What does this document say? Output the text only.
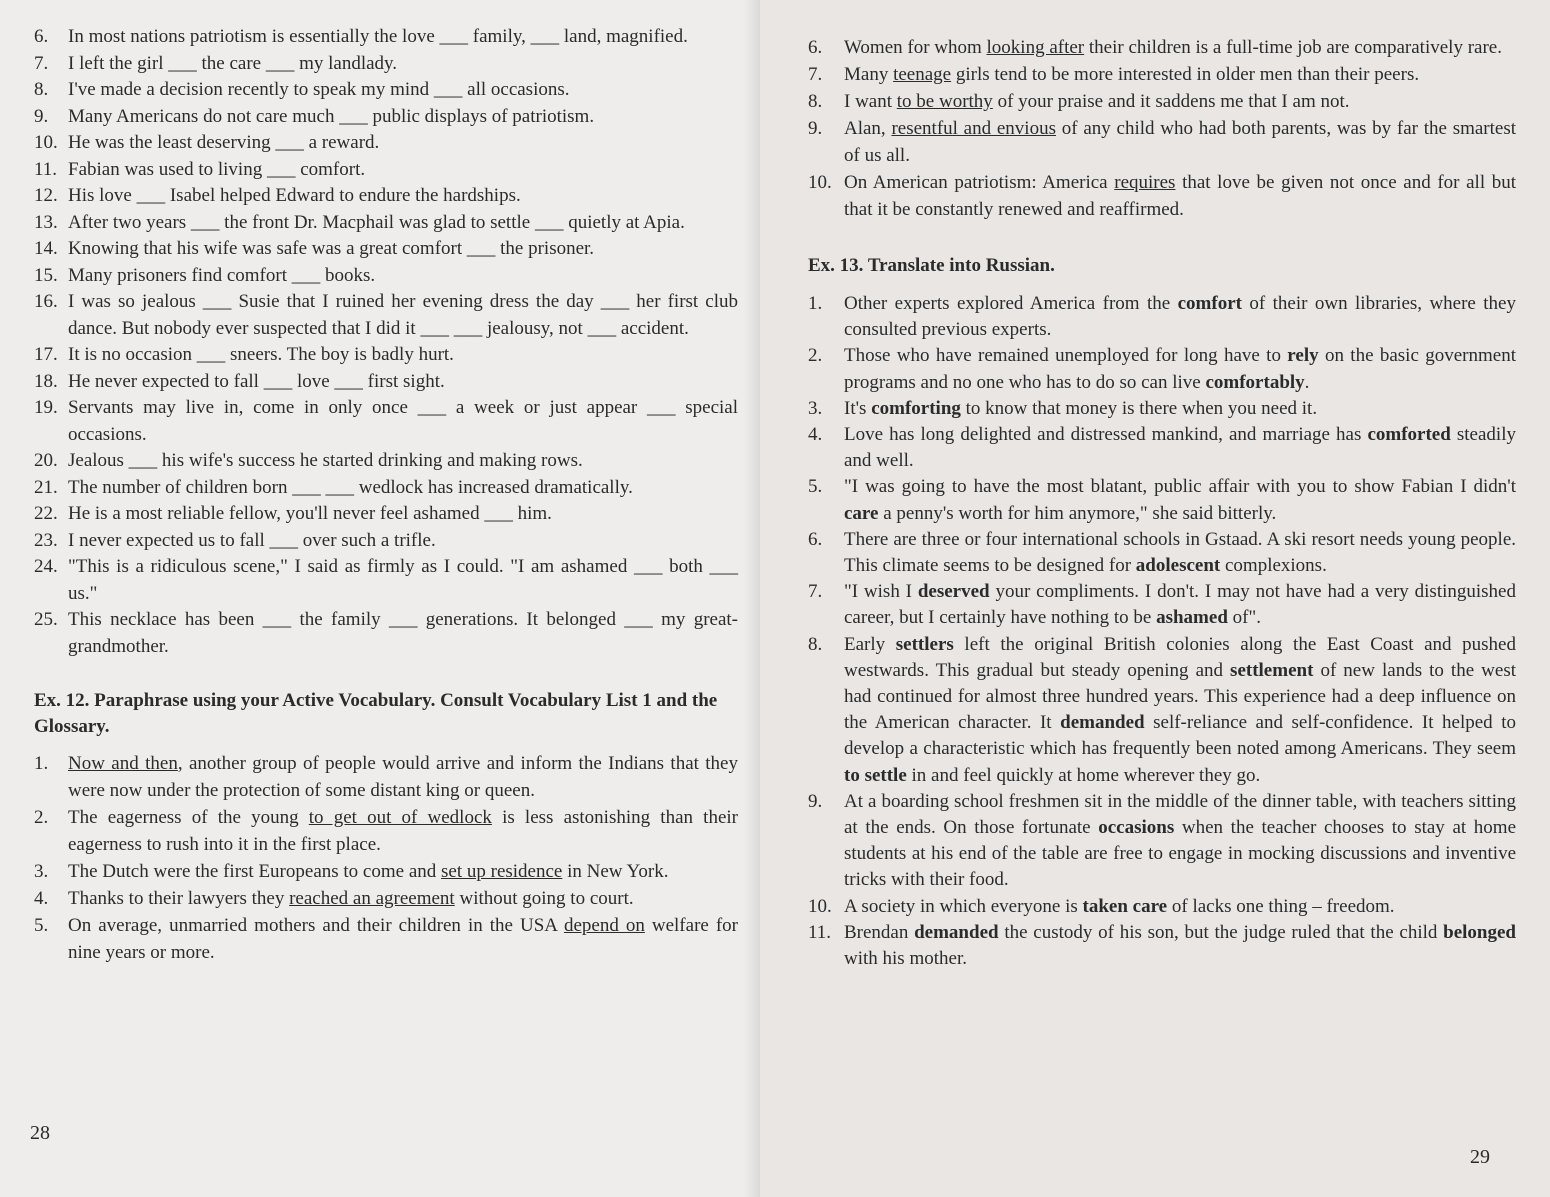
6.	In most nations patriotism is essentially the love ___ family, ___ land, magnified.
7.	I left the girl ___ the care ___ my landlady.
8.	I've made a decision recently to speak my mind ___ all occasions.
9.	Many Americans do not care much ___ public displays of patriotism.
10. He was the least deserving ___ a reward.
11. Fabian was used to living ___ comfort.
12. His love ___ Isabel helped Edward to endure the hardships.
13. After two years ___ the front Dr. Macphail was glad to settle ___ quietly at Apia.
14. Knowing that his wife was safe was a great comfort ___ the prisoner.
15. Many prisoners find comfort ___ books.
16. I was so jealous ___ Susie that I ruined her evening dress the day ___ her first club dance. But nobody ever suspected that I did it ___ ___ jealousy, not ___ accident.
17. It is no occasion ___ sneers. The boy is badly hurt.
18. He never expected to fall ___ love ___ first sight.
19. Servants may live in, come in only once ___ a week or just appear ___ special occasions.
20. Jealous ___ his wife's success he started drinking and making rows.
21. The number of children born ___ ___ wedlock has increased dramatically.
22. He is a most reliable fellow, you'll never feel ashamed ___ him.
23. I never expected us to fall ___ over such a trifle.
24. "This is a ridiculous scene," I said as firmly as I could. "I am ashamed ___ both ___ us."
25. This necklace has been ___ the family ___ generations. It belonged ___ my great-grandmother.

Ex. 12. Paraphrase using your Active Vocabulary. Consult Vocabulary List 1 and the Glossary.

1.	Now and then, another group of people would arrive and inform the Indians that they were now under the protection of some distant king or queen.
2.	The eagerness of the young to get out of wedlock is less astonishing than their eagerness to rush into it in the first place.
3.	The Dutch were the first Europeans to come and set up residence in New York.
4.	Thanks to their lawyers they reached an agreement without going to court.
5.	On average, unmarried mothers and their children in the USA depend on welfare for nine years or more.
28
6.	Women for whom looking after their children is a full-time job are comparatively rare.
7.	Many teenage girls tend to be more interested in older men than their peers.
8.	I want to be worthy of your praise and it saddens me that I am not.
9.	Alan, resentful and envious of any child who had both parents, was by far the smartest of us all.
10. On American patriotism: America requires that love be given not once and for all but that it be constantly renewed and reaffirmed.

Ex. 13. Translate into Russian.

1.	Other experts explored America from the comfort of their own libraries, where they consulted previous experts.
2.	Those who have remained unemployed for long have to rely on the basic government programs and no one who has to do so can live comfortably.
3.	It's comforting to know that money is there when you need it.
4.	Love has long delighted and distressed mankind, and marriage has comforted steadily and well.
5.	"I was going to have the most blatant, public affair with you to show Fabian I didn't care a penny's worth for him anymore," she said bitterly.
6.	There are three or four international schools in Gstaad. A ski resort needs young people. This climate seems to be designed for adolescent complexions.
7.	"I wish I deserved your compliments. I don't. I may not have had a very distinguished career, but I certainly have nothing to be ashamed of".
8.	Early settlers left the original British colonies along the East Coast and pushed westwards. This gradual but steady opening and settlement of new lands to the west had continued for almost three hundred years. This experience had a deep influence on the American character. It demanded self-reliance and self-confidence. It helped to develop a characteristic which has frequently been noted among Americans. They seem to settle in and feel quickly at home wherever they go.
9.	At a boarding school freshmen sit in the middle of the dinner table, with teachers sitting at the ends. On those fortunate occasions when the teacher chooses to stay at home students at his end of the table are free to engage in mocking discussions and inventive tricks with their food.
10. A society in which everyone is taken care of lacks one thing – freedom.
11. Brendan demanded the custody of his son, but the judge ruled that the child belonged with his mother.
29
